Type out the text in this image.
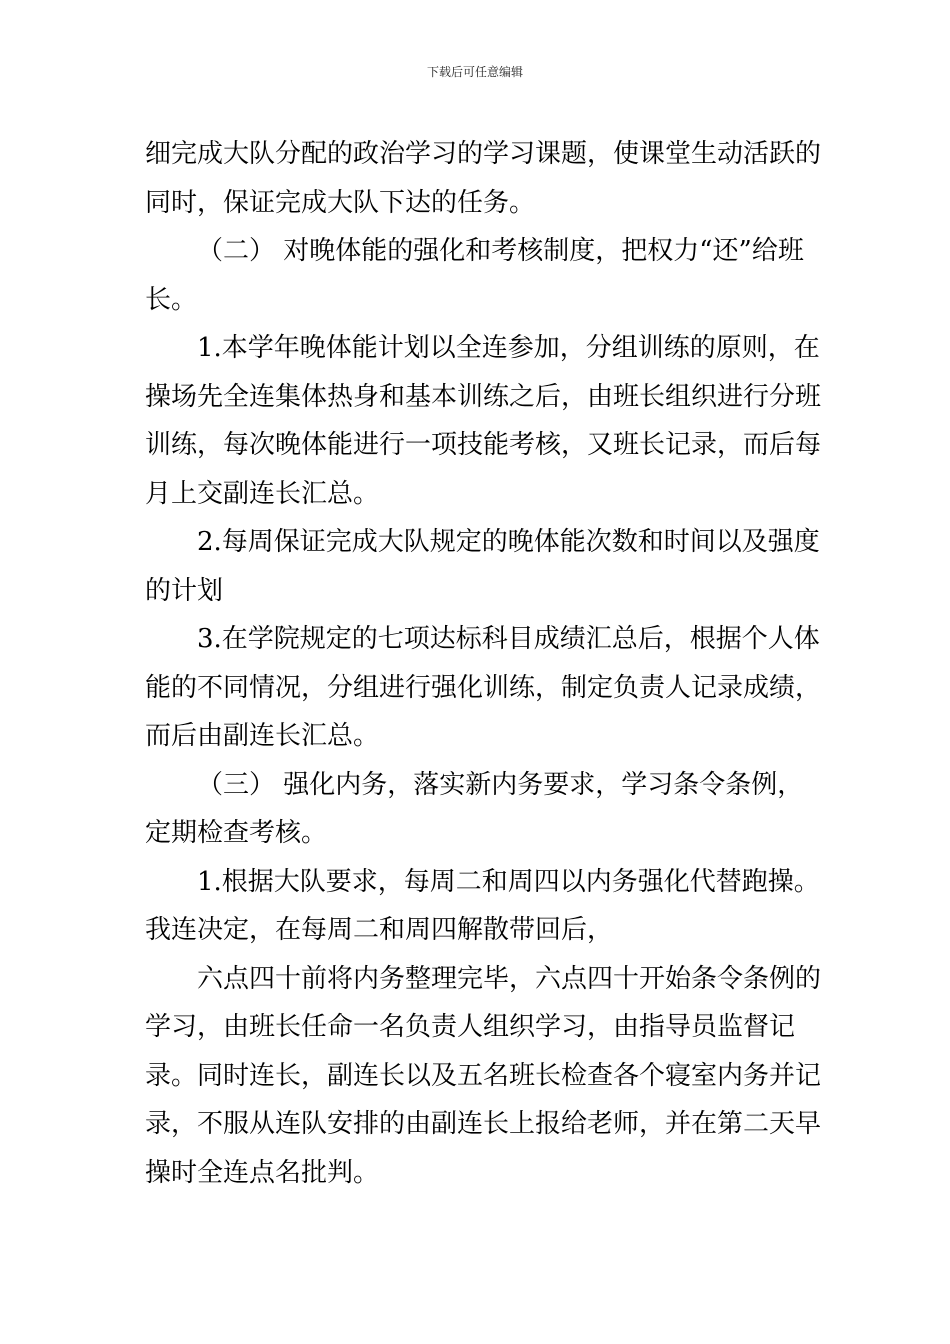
下载后可任意编辑

细完成大队分配的政治学习的学习课题，使课堂生动活跃的同时，保证完成大队下达的任务。

（二） 对晚体能的强化和考核制度，把权力“还”给班长。

1.本学年晚体能计划以全连参加，分组训练的原则，在操场先全连集体热身和基本训练之后，由班长组织进行分班训练，每次晚体能进行一项技能考核，又班长记录，而后每月上交副连长汇总。

2.每周保证完成大队规定的晚体能次数和时间以及强度的计划

3.在学院规定的七项达标科目成绩汇总后，根据个人体能的不同情况，分组进行强化训练，制定负责人记录成绩，而后由副连长汇总。

（三） 强化内务，落实新内务要求，学习条令条例，定期检查考核。

1.根据大队要求，每周二和周四以内务强化代替跑操。我连决定，在每周二和周四解散带回后，

六点四十前将内务整理完毕，六点四十开始条令条例的学习，由班长任命一名负责人组织学习，由指导员监督记录。同时连长，副连长以及五名班长检查各个寝室内务并记录，不服从连队安排的由副连长上报给老师，并在第二天早操时全连点名批判。
